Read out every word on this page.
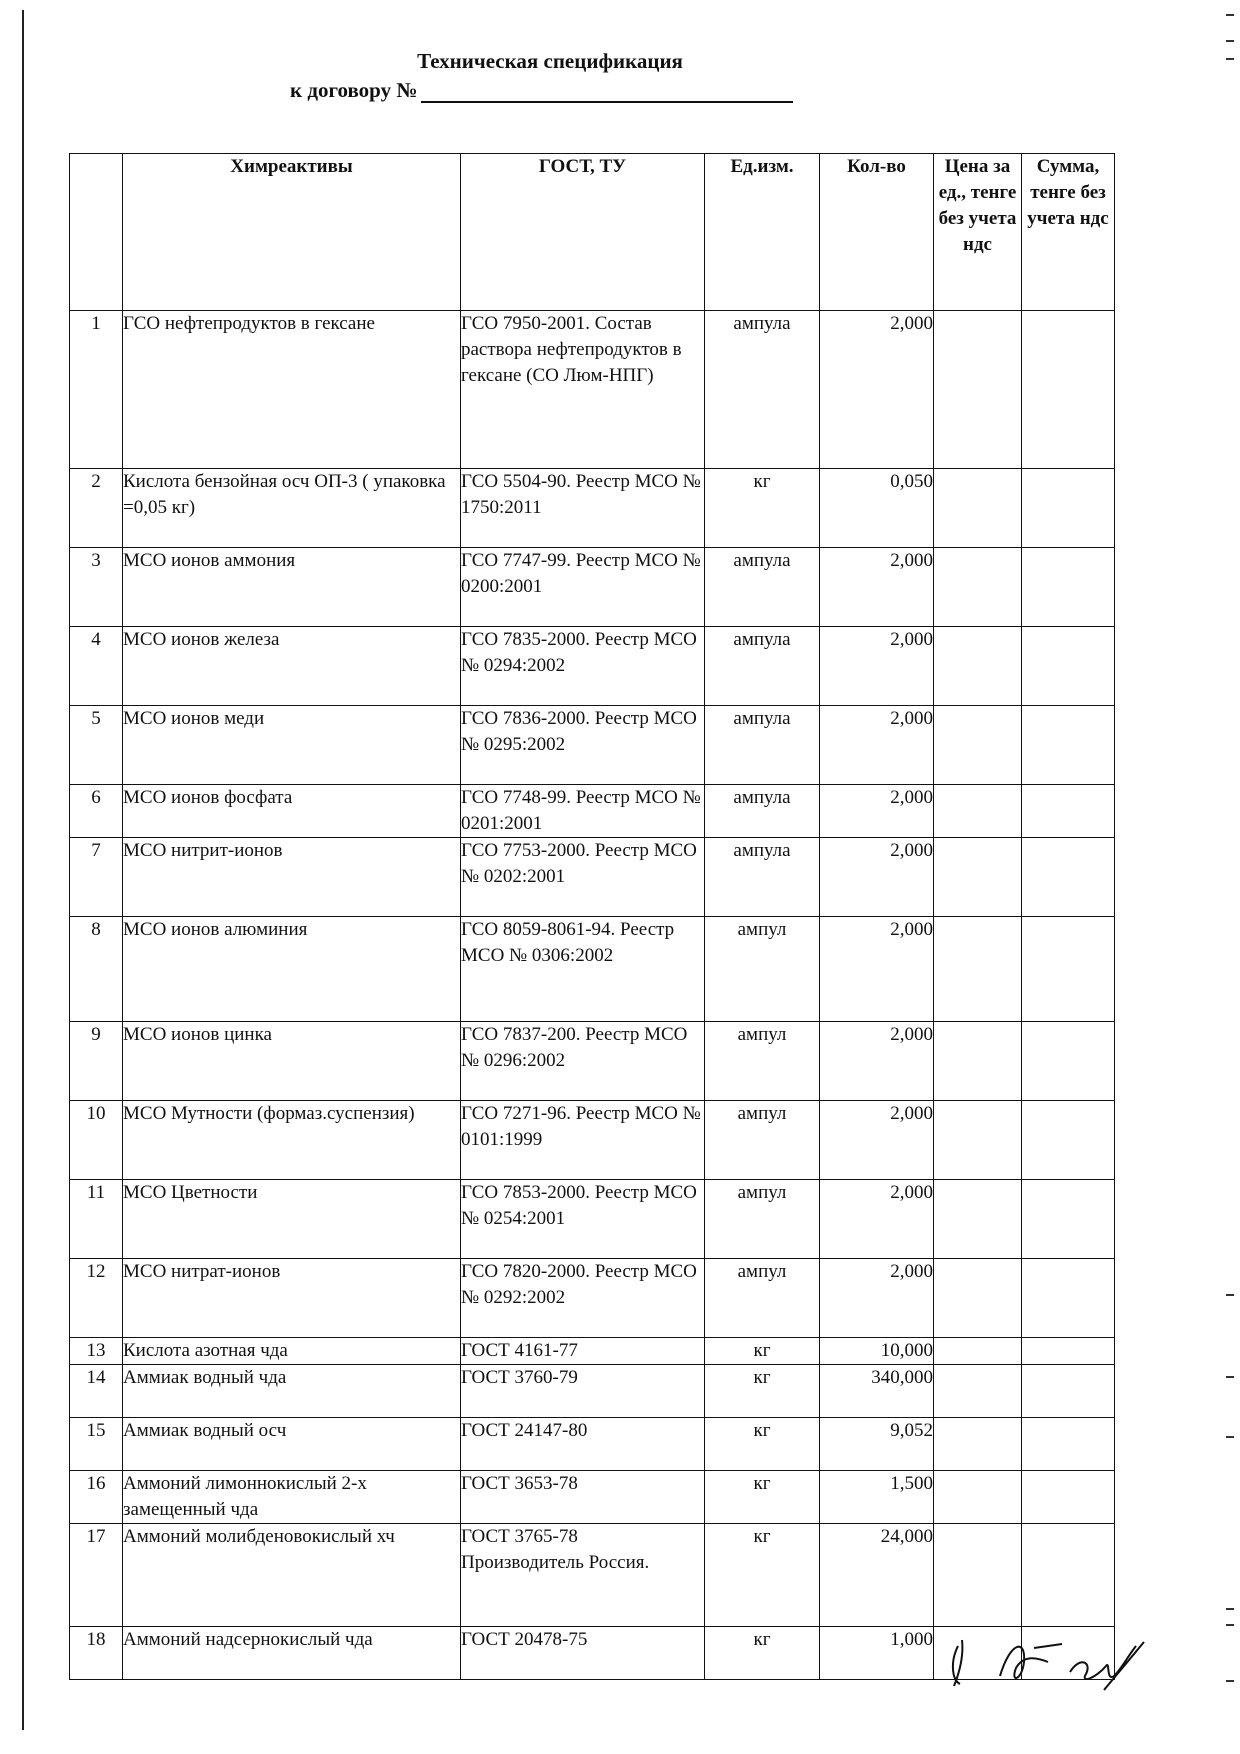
Техническая спецификация
к договору №
	Химреактивы	ГОСТ, ТУ	Ед.изм.	Кол-во	Цена за ед., тенге без учета ндс	Сумма, тенге без учета ндс
1	ГСО нефтепродуктов в гексане	ГСО 7950-2001. Состав раствора нефтепродуктов в гексане (СО Люм-НПГ)	ампула	2,000		
2	Кислота бензойная осч ОП-3 ( упаковка =0,05 кг)	ГСО 5504-90. Реестр МСО № 1750:2011	кг	0,050		
3	МСО ионов аммония	ГСО 7747-99. Реестр МСО № 0200:2001	ампула	2,000		
4	МСО ионов железа	ГСО 7835-2000. Реестр МСО № 0294:2002	ампула	2,000		
5	МСО ионов меди	ГСО 7836-2000. Реестр МСО № 0295:2002	ампула	2,000		
6	МСО ионов фосфата	ГСО 7748-99. Реестр МСО № 0201:2001	ампула	2,000		
7	МСО нитрит-ионов	ГСО 7753-2000. Реестр МСО № 0202:2001	ампула	2,000		
8	МСО ионов алюминия	ГСО 8059-8061-94. Реестр МСО № 0306:2002	ампул	2,000		
9	МСО ионов цинка	ГСО 7837-200. Реестр МСО № 0296:2002	ампул	2,000		
10	МСО Мутности (формаз.суспензия)	ГСО 7271-96. Реестр МСО № 0101:1999	ампул	2,000		
11	МСО Цветности	ГСО 7853-2000. Реестр МСО № 0254:2001	ампул	2,000		
12	МСО нитрат-ионов	ГСО 7820-2000. Реестр МСО № 0292:2002	ампул	2,000		
13	Кислота азотная чда	ГОСТ 4161-77	кг	10,000		
14	Аммиак водный чда	ГОСТ 3760-79	кг	340,000		
15	Аммиак водный осч	ГОСТ 24147-80	кг	9,052		
16	Аммоний лимоннокислый 2-х замещенный чда	ГОСТ 3653-78	кг	1,500		
17	Аммоний молибденовокислый хч	ГОСТ 3765-78 Производитель Россия.	кг	24,000		
18	Аммоний надсернокислый чда	ГОСТ 20478-75	кг	1,000		
